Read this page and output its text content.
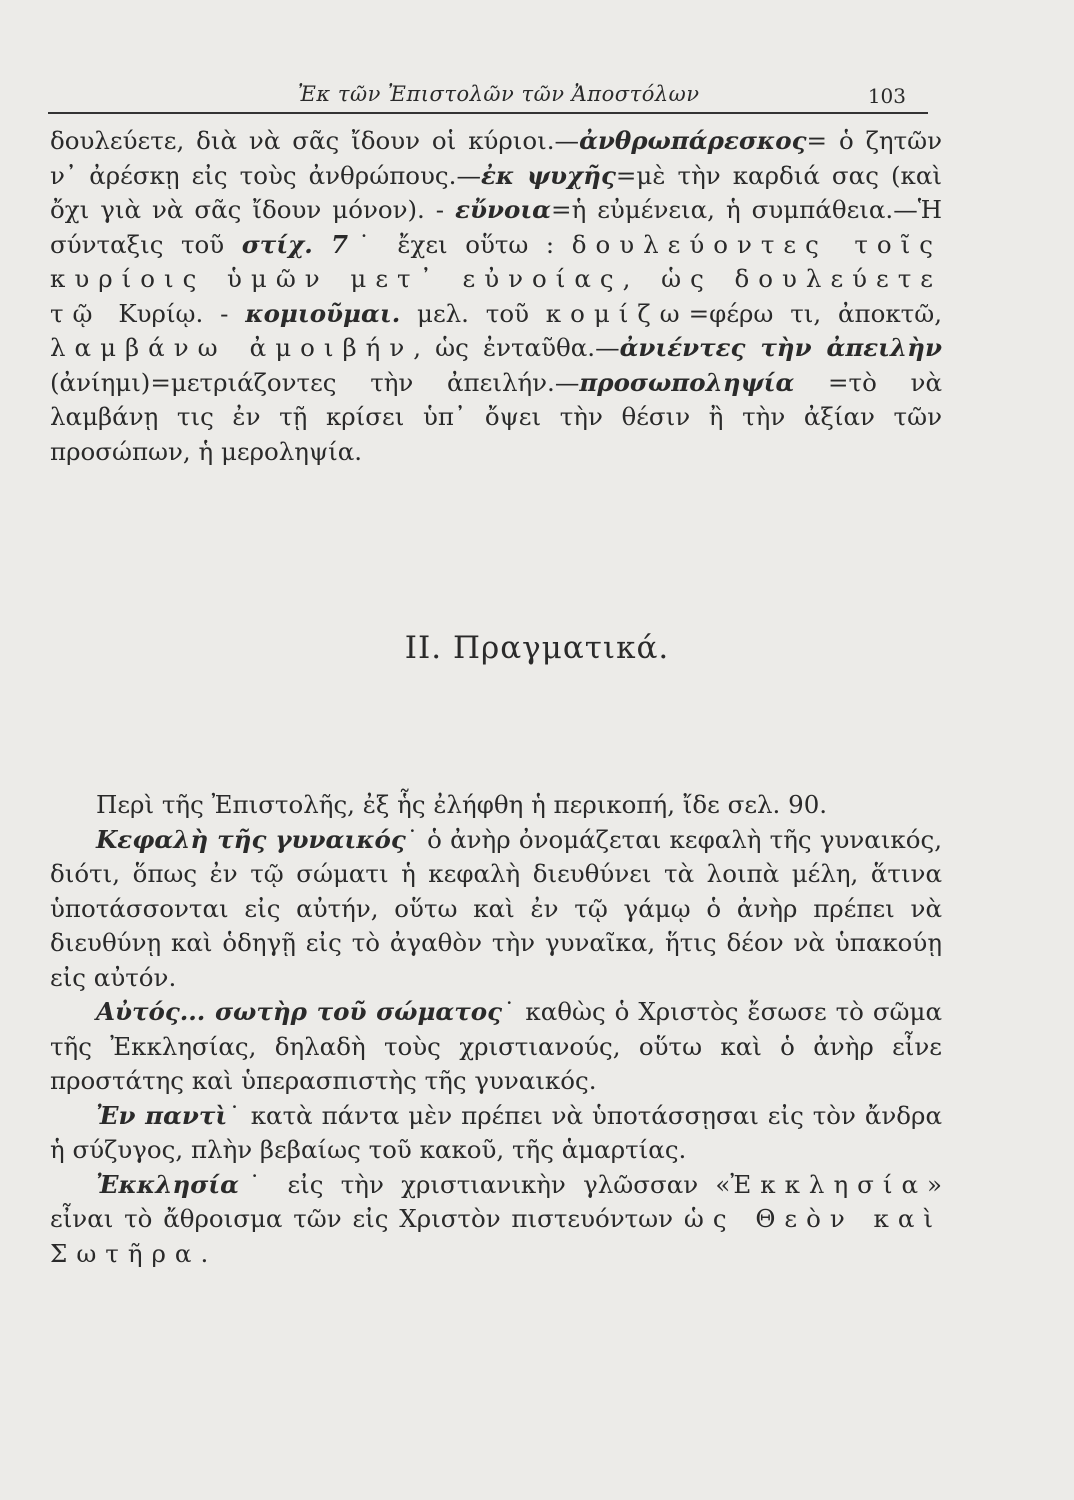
Ἐκ τῶν Ἐπιστολῶν τῶν Ἀποστόλων	103

δουλεύετε, διὰ νὰ σᾶς ἴδουν οἱ κύριοι.—ἀνθρωπάρεσκος= ὁ ζητῶν ν᾽ ἀρέσκῃ εἰς τοὺς ἀνθρώπους.—ἐκ ψυχῆς=μὲ τὴν καρδιά σας (καὶ ὄχι γιὰ νὰ σᾶς ἴδουν μόνον). - εὔνοια=ἡ εὐμένεια, ἡ συμπάθεια.—Ἡ σύνταξις τοῦ στίχ. 7˙ ἔχει οὕτω : δουλεύοντες τοῖς κυρίοις ὑμῶν μετ᾽ εὐνοίας, ὡς δουλεύετε τῷ Κυρίῳ. - κομιοῦμαι. μελ. τοῦ κομίζω=φέρω τι, ἀποκτῶ, λαμβάνω ἀμοιβήν, ὡς ἐνταῦθα.—ἀνιέντες τὴν ἀπειλὴν (ἀνίημι)=μετριάζοντες τὴν ἀπειλήν.—προσωποληψία =τὸ νὰ λαμβάνῃ τις ἐν τῇ κρίσει ὑπ᾽ ὄψει τὴν θέσιν ἢ τὴν ἀξίαν τῶν προσώπων, ἡ μεροληψία.

ΙΙ. Πραγματικά.

Περὶ τῆς Ἐπιστολῆς, ἐξ ἧς ἐλήφθη ἡ περικοπή, ἴδε σελ. 90.

Κεφαλὴ τῆς γυναικός˙ ὁ ἀνὴρ ὀνομάζεται κεφαλὴ τῆς γυναικός, διότι, ὅπως ἐν τῷ σώματι ἡ κεφαλὴ διευθύνει τὰ λοιπὰ μέλη, ἅτινα ὑποτάσσονται εἰς αὐτήν, οὕτω καὶ ἐν τῷ γάμῳ ὁ ἀνὴρ πρέπει νὰ διευθύνῃ καὶ ὁδηγῇ εἰς τὸ ἀγαθὸν τὴν γυναῖκα, ἥτις δέον νὰ ὑπακούῃ εἰς αὐτόν.

Αὐτός... σωτὴρ τοῦ σώματος˙ καθὼς ὁ Χριστὸς ἔσωσε τὸ σῶμα τῆς Ἐκκλησίας, δηλαδὴ τοὺς χριστιανούς, οὕτω καὶ ὁ ἀνὴρ εἶνε προστάτης καὶ ὑπερασπιστὴς τῆς γυναικός.

Ἐν παντὶ˙ κατὰ πάντα μὲν πρέπει νὰ ὑποτάσσῃσαι εἰς τὸν ἄνδρα ἡ σύζυγος, πλὴν βεβαίως τοῦ κακοῦ, τῆς ἁμαρτίας.

Ἐκκλησία˙ εἰς τὴν χριστιανικὴν γλῶσσαν «Ἐκκλησία» εἶναι τὸ ἄθροισμα τῶν εἰς Χριστὸν πιστευόντων ὡς Θεὸν καὶ Σωτῆρα.
